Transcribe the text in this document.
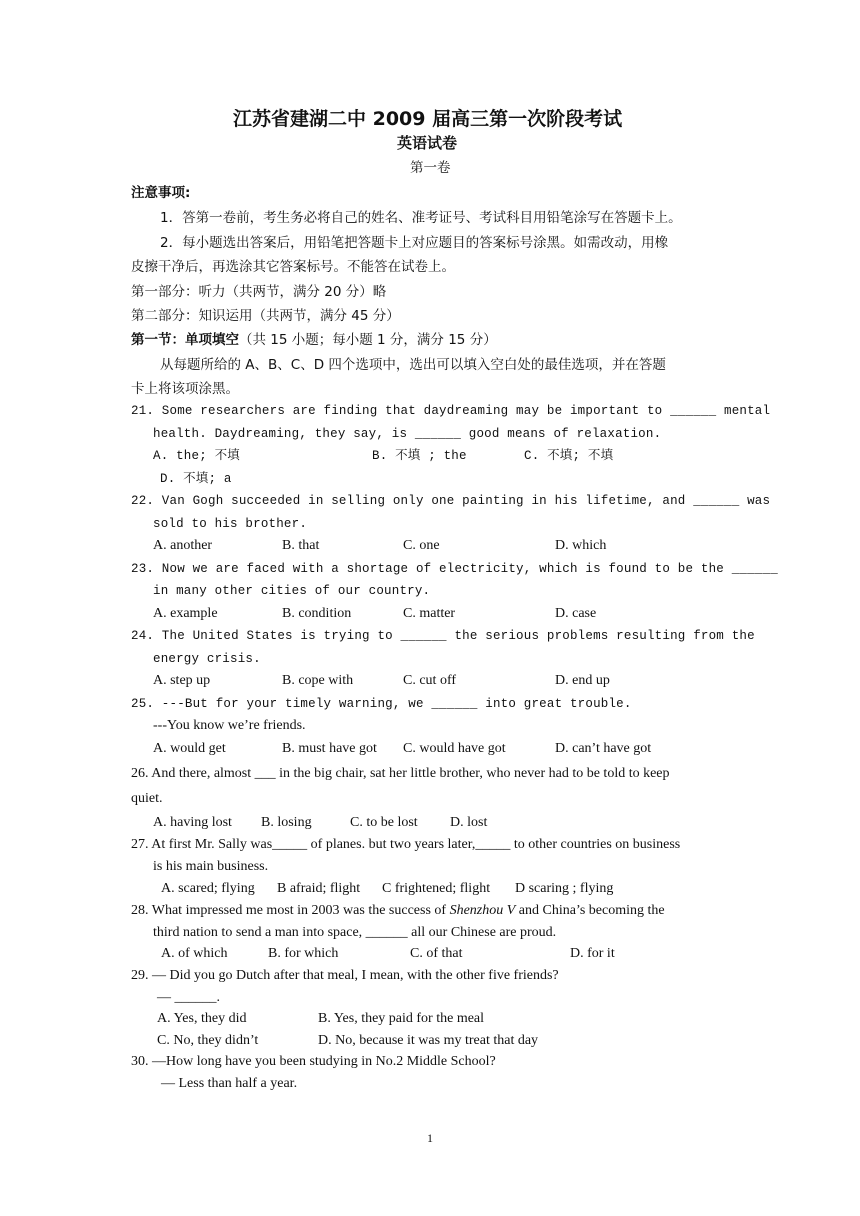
江苏省建湖二中 2009 届高三第一次阶段考试
英语试卷
第一卷
注意事项:
1．答第一卷前，考生务必将自己的姓名、准考证号、考试科目用铅笔涂写在答题卡上。
2．每小题选出答案后，用铅笔把答题卡上对应题目的答案标号涂黑。如需改动，用橡
皮擦干净后，再选涂其它答案标号。不能答在试卷上。
第一部分：听力（共两节，满分 20 分）略
第二部分：知识运用（共两节，满分 45 分）
第一节：单项填空（共 15 小题；每小题 1 分，满分 15 分）
从每题所给的 A、B、C、D 四个选项中，选出可以填入空白处的最佳选项，并在答题
卡上将该项涂黑。
21. Some researchers are finding that daydreaming may be important to ______ mental
health. Daydreaming, they say, is ______ good means of relaxation.
A. the; 不填	B. 不填 ; the	C. 不填; 不填
D. 不填; a
22. Van Gogh succeeded in selling only one painting in his lifetime, and ______ was
sold to his brother.
A. another	B. that	C. one	D. which
23. Now we are faced with a shortage of electricity, which is found to be the ______
in many other cities of our country.
A. example	B. condition	C. matter	D. case
24. The United States is trying to ______ the serious problems resulting from the
energy crisis.
A. step up	B. cope with	C. cut off	D. end up
25. ---But for your timely warning, we ______ into great trouble.
---You know we’re friends.
A. would get	B. must have got C. would have got	D. can’t have got
26. And there, almost ___ in the big chair, sat her little brother, who never had to be told to keep
quiet.
A. having lost B. losing	C. to be lost D. lost
27. At first Mr. Sally was_____ of planes. but two years later,_____ to other countries on business
is his main business.
A. scared; flying B afraid; flight C frightened; flight D scaring ; flying
28. What impressed me most in 2003 was the success of Shenzhou V and China’s becoming the
third nation to send a man into space, ______ all our Chinese are proud.
A. of which	B. for which	C. of that	D. for it
29. — Did you go Dutch after that meal, I mean, with the other five friends?
— ______.
A. Yes, they did	B. Yes, they paid for the meal
C. No, they didn’t	D. No, because it was my treat that day
30. —How long have you been studying in No.2 Middle School?
— Less than half a year.
1
